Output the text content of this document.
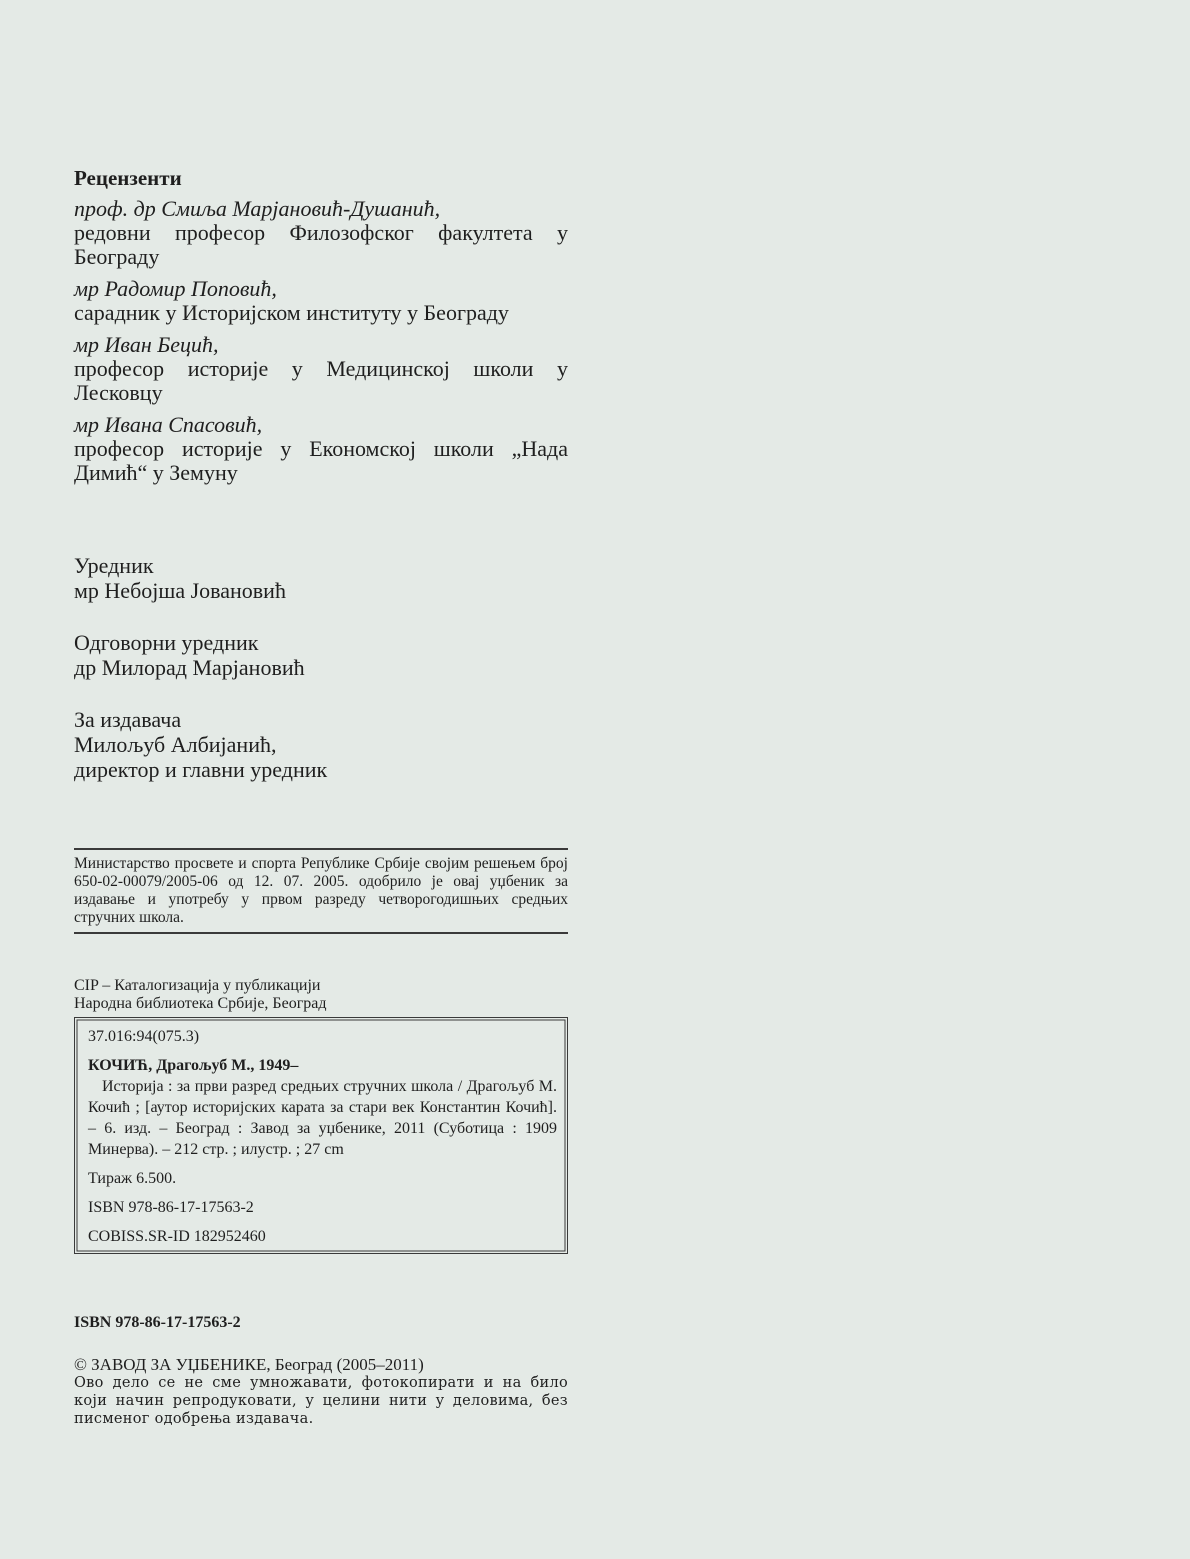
Рецензенти
проф. др Смиља Марјановић-Душанић,
редовни професор Филозофског факултета у Београду
мр Радомир Поповић,
сарадник у Историјском институту у Београду
мр Иван Бецић,
професор историје у Медицинској школи у Лесковцу
мр Ивана Спасовић,
професор историје у Економској школи „Нада Димић“ у Земуну
Уредник
мр Небојша Јовановић
Одговорни уредник
др Милорад Марјановић
За издавача
Милољуб Албијанић,
директор и главни уредник
Министарство просвете и спорта Републике Србије својим решењем број 650-02-00079/2005-06 од 12. 07. 2005. одобрило је овај уџбеник за издавање и употребу у првом разреду четворогодишњих средњих стручних школа.
CIP – Каталогизација у публикацији
Народна библиотека Србије, Београд

37.016:94(075.3)

КОЧИЋ, Драгољуб М., 1949–

Историја : за први разред средњих стручних школа / Драгољуб М. Кочић ; [аутор историјских карата за стари век Константин Кочић]. – 6. изд. – Београд : Завод за уџбенике, 2011 (Суботица : 1909 Минерва). – 212 стр. ; илустр. ; 27 cm

Тираж 6.500.

ISBN 978-86-17-17563-2

COBISS.SR-ID 182952460

ISBN 978-86-17-17563-2
© ЗАВОД ЗА УЏБЕНИКЕ, Београд (2005–2011)
Ово дело се не сме умножавати, фотокопирати и на било који начин репродуковати, у целини нити у деловима, без писменог одобрења издавача.
